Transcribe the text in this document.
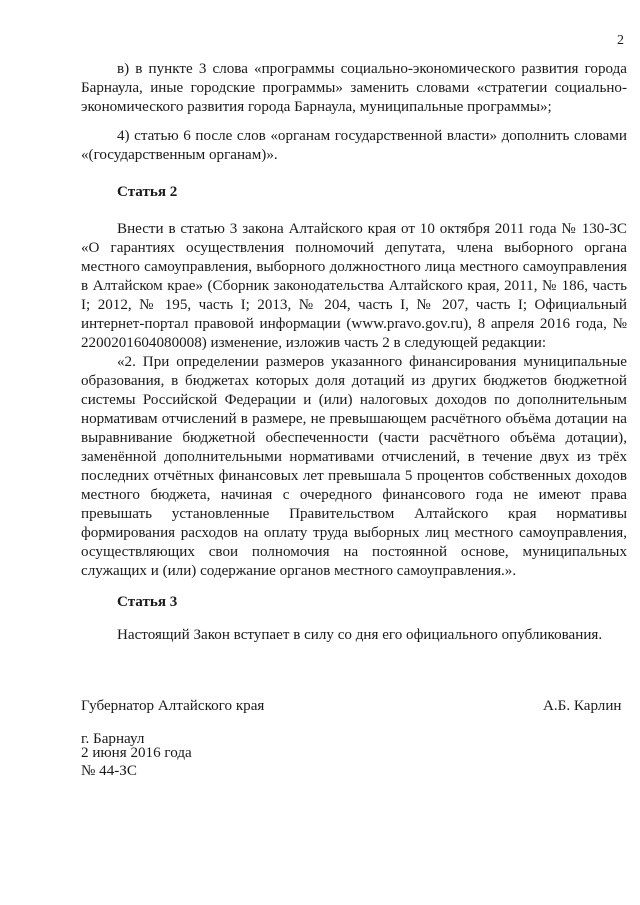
2

в) в пункте 3 слова «программы социально-экономического развития города Барнаула, иные городские программы» заменить словами «стратегии социально-экономического развития города Барнаула, муниципальные программы»;

4) статью 6 после слов «органам государственной власти» дополнить словами «(государственным органам)».

Статья 2

Внести в статью 3 закона Алтайского края от 10 октября 2011 года № 130-ЗС «О гарантиях осуществления полномочий депутата, члена выборного органа местного самоуправления, выборного должностного лица местного самоуправления в Алтайском крае» (Сборник законодательства Алтайского края, 2011, № 186, часть I; 2012, № 195, часть I; 2013, № 204, часть I, № 207, часть I; Официальный интернет-портал правовой информации (www.pravo.gov.ru), 8 апреля 2016 года, № 2200201604080008) изменение, изложив часть 2 в следующей редакции:

«2. При определении размеров указанного финансирования муниципальные образования, в бюджетах которых доля дотаций из других бюджетов бюджетной системы Российской Федерации и (или) налоговых доходов по дополнительным нормативам отчислений в размере, не превышающем расчётного объёма дотации на выравнивание бюджетной обеспеченности (части расчётного объёма дотации), заменённой дополнительными нормативами отчислений, в течение двух из трёх последних отчётных финансовых лет превышала 5 процентов собственных доходов местного бюджета, начиная с очередного финансового года не имеют права превышать установленные Правительством Алтайского края нормативы формирования расходов на оплату труда выборных лиц местного самоуправления, осуществляющих свои полномочия на постоянной основе, муниципальных служащих и (или) содержание органов местного самоуправления.».

Статья 3

Настоящий Закон вступает в силу со дня его официального опубликования.

Губернатор Алтайского края	А.Б. Карлин
г. Барнаул
2 июня 2016 года
№ 44-ЗС
